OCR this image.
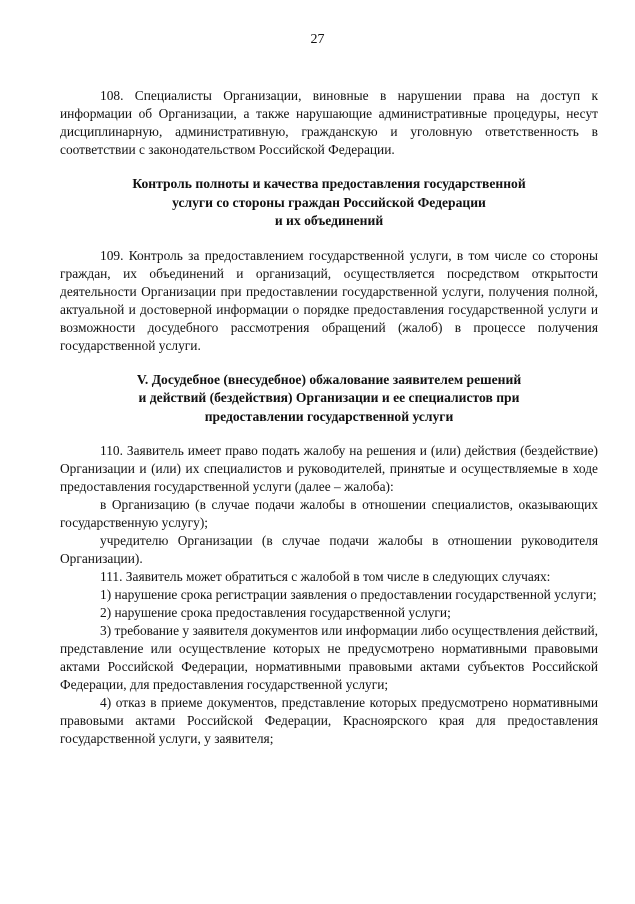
27

108. Специалисты Организации, виновные в нарушении права на доступ к информации об Организации, а также нарушающие административные процедуры, несут дисциплинарную, административную, гражданскую и уголовную ответственность в соответствии с законодательством Российской Федерации.

Контроль полноты и качества предоставления государственной
услуги со стороны граждан Российской Федерации
и их объединений

109. Контроль за предоставлением государственной услуги, в том числе со стороны граждан, их объединений и организаций, осуществляется посредством открытости деятельности Организации при предоставлении государственной услуги, получения полной, актуальной и достоверной информации о порядке предоставления государственной услуги и возможности досудебного рассмотрения обращений (жалоб) в процессе получения государственной услуги.

V. Досудебное (внесудебное) обжалование заявителем решений
и действий (бездействия) Организации и ее специалистов при
предоставлении государственной услуги

110. Заявитель имеет право подать жалобу на решения и (или) действия (бездействие) Организации и (или) их специалистов и руководителей, принятые и осуществляемые в ходе предоставления государственной услуги (далее – жалоба):

в Организацию (в случае подачи жалобы в отношении специалистов, оказывающих государственную услугу);

учредителю Организации (в случае подачи жалобы в отношении руководителя Организации).

111. Заявитель может обратиться с жалобой в том числе в следующих случаях:

1) нарушение срока регистрации заявления о предоставлении государственной услуги;

2) нарушение срока предоставления государственной услуги;

3) требование у заявителя документов или информации либо осуществления действий, представление или осуществление которых не предусмотрено нормативными правовыми актами Российской Федерации, нормативными правовыми актами субъектов Российской Федерации, для предоставления государственной услуги;

4) отказ в приеме документов, представление которых предусмотрено нормативными правовыми актами Российской Федерации, Красноярского края для предоставления государственной услуги, у заявителя;
